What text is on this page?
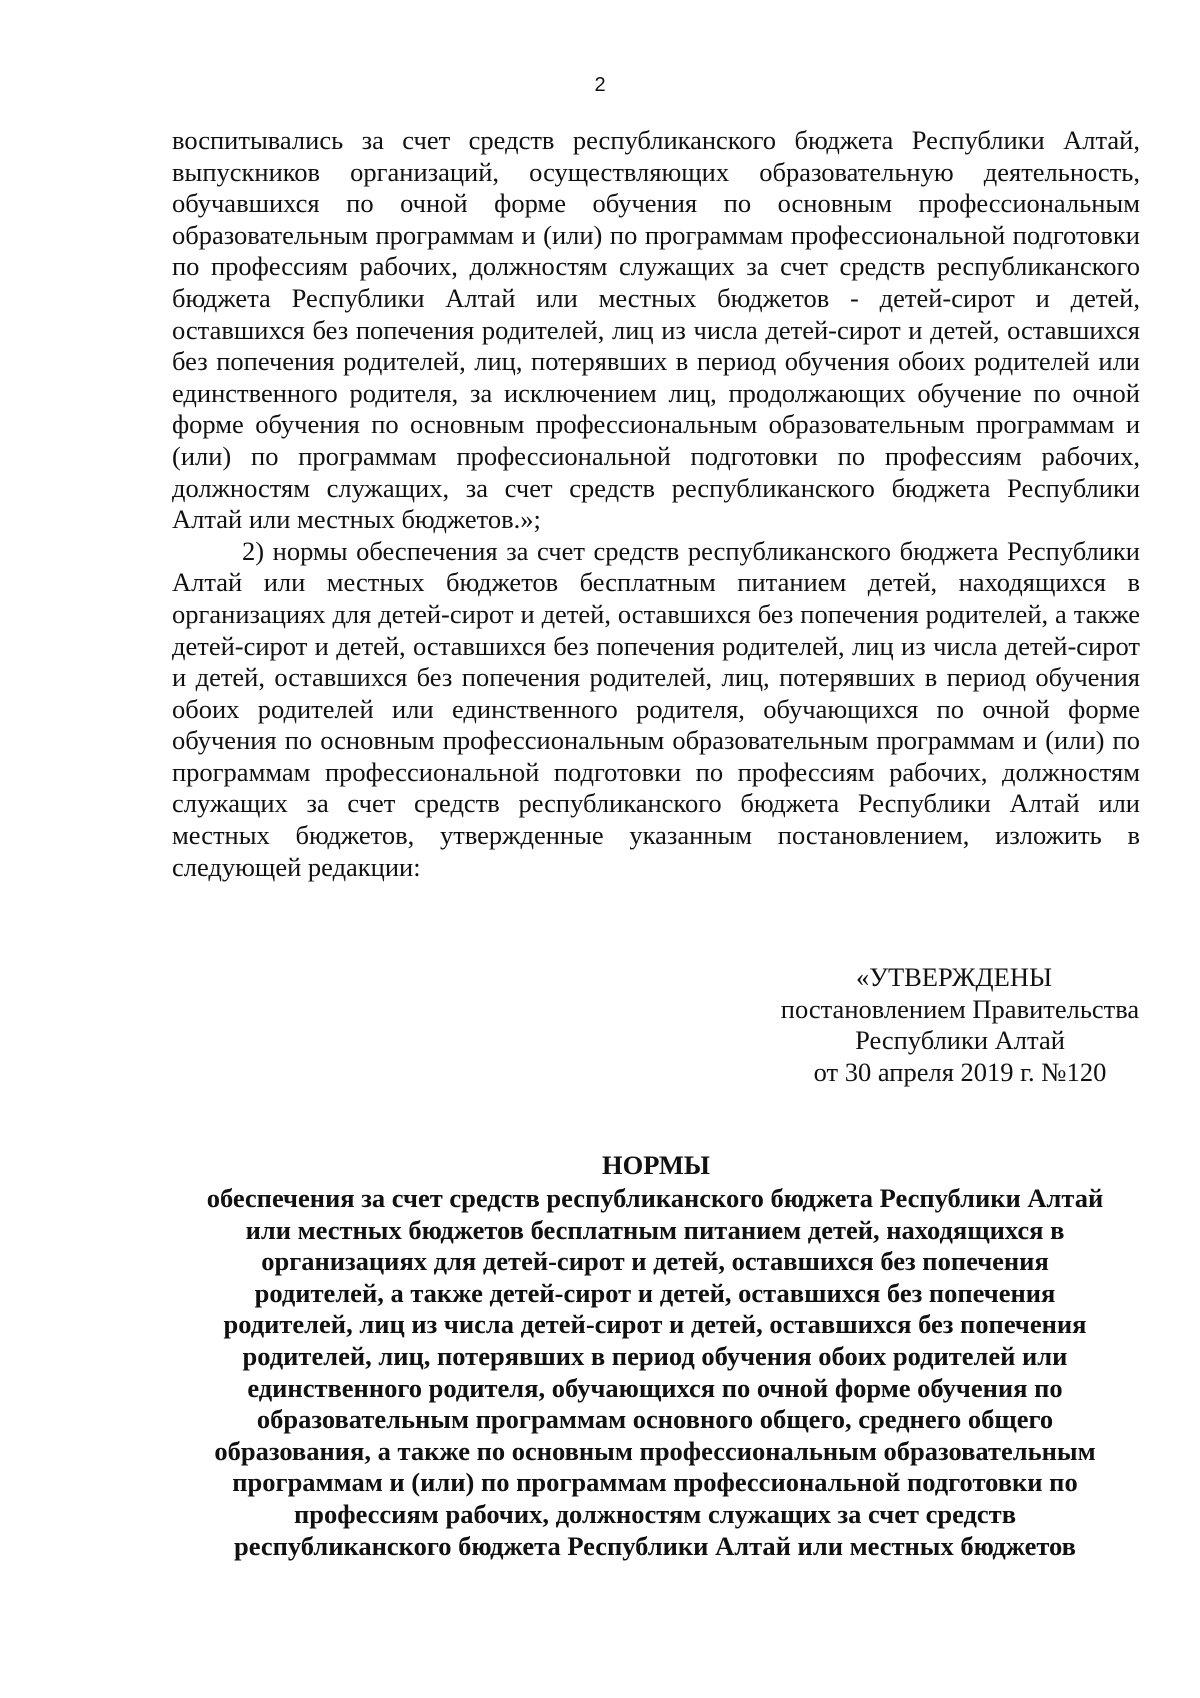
2

воспитывались за счет средств республиканского бюджета Республики Алтай, выпускников организаций, осуществляющих образовательную деятельность, обучавшихся по очной форме обучения по основным профессиональным образовательным программам и (или) по программам профессиональной подготовки по профессиям рабочих, должностям служащих за счет средств республиканского бюджета Республики Алтай или местных бюджетов - детей-сирот и детей, оставшихся без попечения родителей, лиц из числа детей-сирот и детей, оставшихся без попечения родителей, лиц, потерявших в период обучения обоих родителей или единственного родителя, за исключением лиц, продолжающих обучение по очной форме обучения по основным профессиональным образовательным программам и (или) по программам профессиональной подготовки по профессиям рабочих, должностям служащих, за счет средств республиканского бюджета Республики Алтай или местных бюджетов.»;

2) нормы обеспечения за счет средств республиканского бюджета Республики Алтай или местных бюджетов бесплатным питанием детей, находящихся в организациях для детей-сирот и детей, оставшихся без попечения родителей, а также детей-сирот и детей, оставшихся без попечения родителей, лиц из числа детей-сирот и детей, оставшихся без попечения родителей, лиц, потерявших в период обучения обоих родителей или единственного родителя, обучающихся по очной форме обучения по основным профессиональным образовательным программам и (или) по программам профессиональной подготовки по профессиям рабочих, должностям служащих за счет средств республиканского бюджета Республики Алтай или местных бюджетов, утвержденные указанным постановлением, изложить в следующей редакции:

«УТВЕРЖДЕНЫ
постановлением Правительства
Республики Алтай
от 30 апреля 2019 г. №120
НОРМЫ
обеспечения за счет средств республиканского бюджета Республики Алтай
или местных бюджетов бесплатным питанием детей, находящихся в
организациях для детей-сирот и детей, оставшихся без попечения
родителей, а также детей-сирот и детей, оставшихся без попечения
родителей, лиц из числа детей-сирот и детей, оставшихся без попечения
родителей, лиц, потерявших в период обучения обоих родителей или
единственного родителя, обучающихся по очной форме обучения по
образовательным программам основного общего, среднего общего
образования, а также по основным профессиональным образовательным
программам и (или) по программам профессиональной подготовки по
профессиям рабочих, должностям служащих за счет средств
республиканского бюджета Республики Алтай или местных бюджетов
